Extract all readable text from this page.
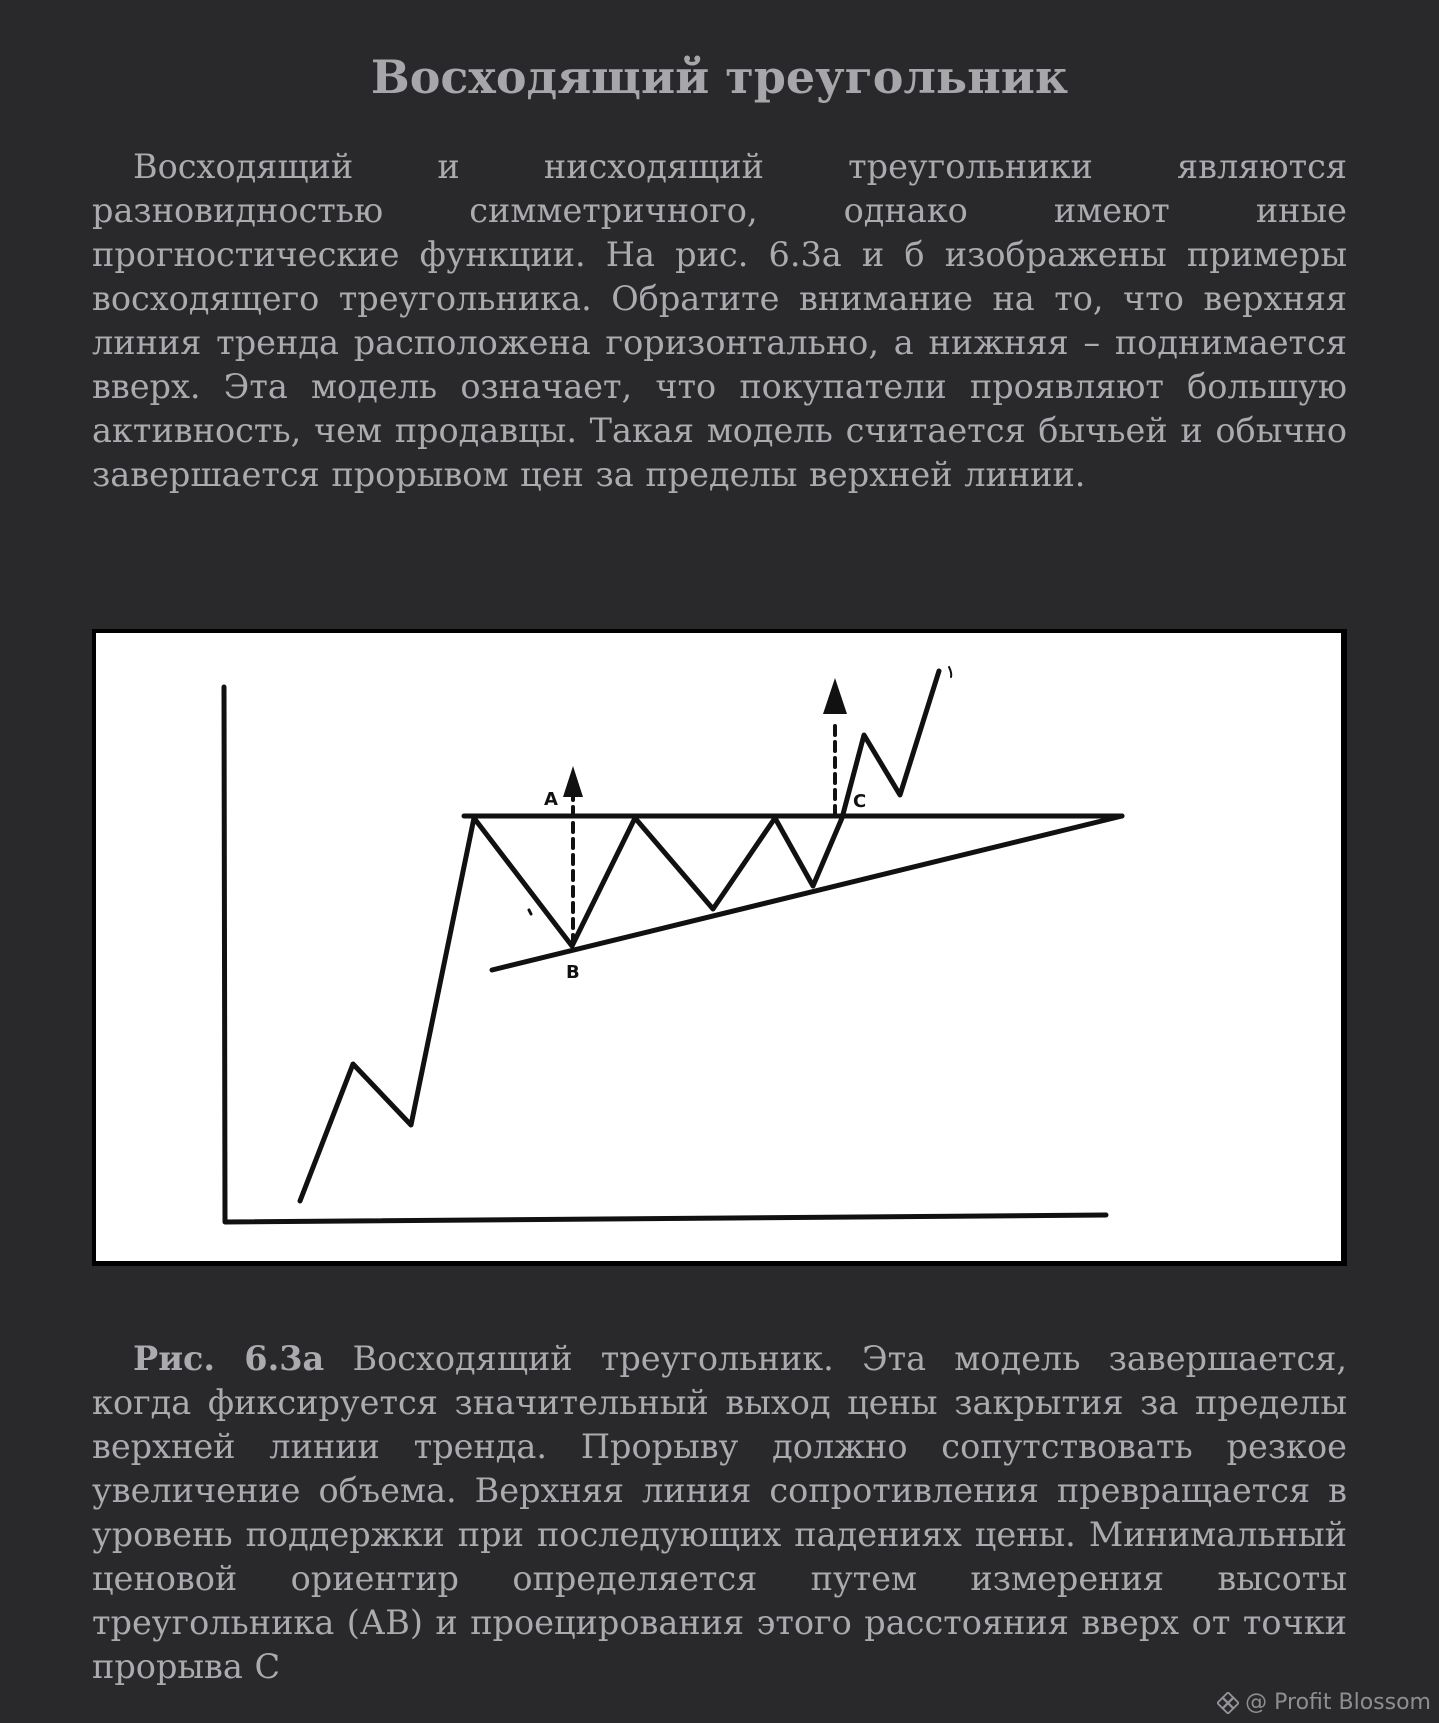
Восходящий треугольник

Восходящий и нисходящий треугольники являются разновидностью симметричного, однако имеют иные прогностические функции. На рис. 6.3а и б изображены примеры восходящего треугольника. Обратите внимание на то, что верхняя линия тренда расположена горизонтально, а нижняя – поднимается вверх. Эта модель означает, что покупатели проявляют большую активность, чем продавцы. Такая модель считается бычьей и обычно завершается прорывом цен за пределы верхней линии.

A
B
C

Рис. 6.3а Восходящий треугольник. Эта модель завершается, когда фиксируется значительный выход цены закрытия за пределы верхней линии тренда. Прорыву должно сопутствовать резкое увеличение объема. Верхняя линия сопротивления превращается в уровень поддержки при последующих падениях цены. Минимальный ценовой ориентир определяется путем измерения высоты треугольника (АВ) и проецирования этого расстояния вверх от точки прорыва С

@ Profit Blossom
